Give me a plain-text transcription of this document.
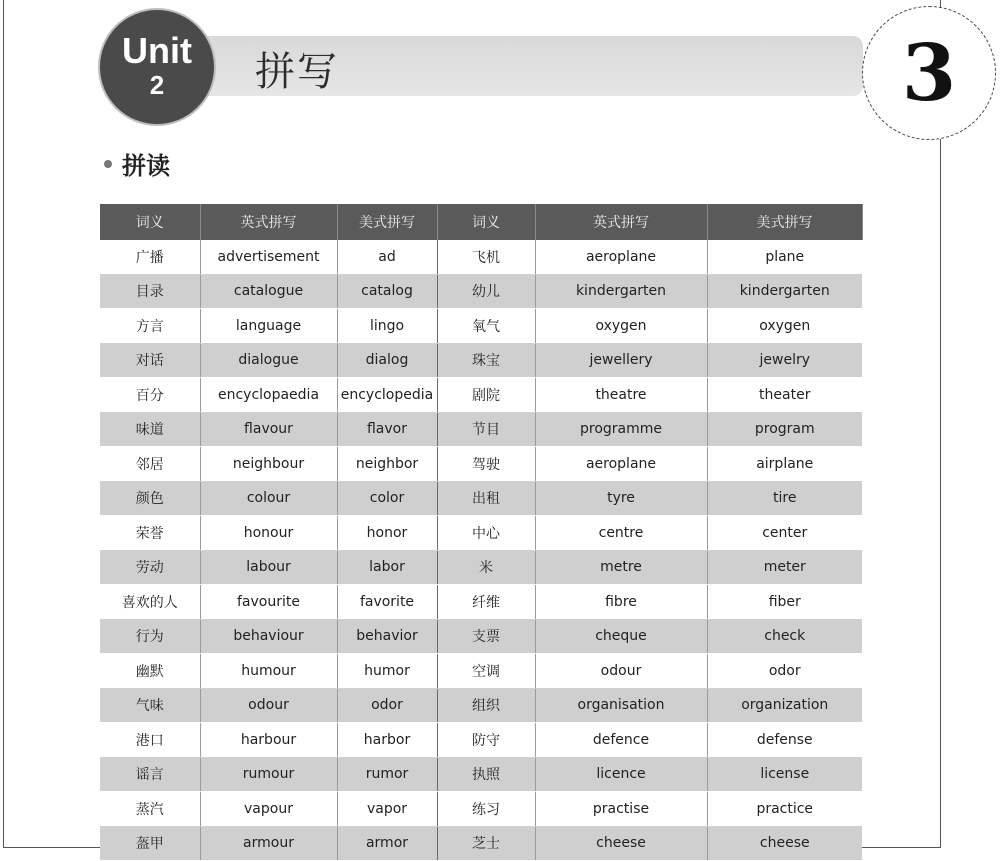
拼写
Unit
2	3
拼读
词义	英式拼写	美式拼写	词义	英式拼写	美式拼写
广播	advertisement	ad	飞机	aeroplane	plane
目录	catalogue	catalog	幼儿	kindergarten	kindergarten
方言	language	lingo	氧气	oxygen	oxygen
对话	dialogue	dialog	珠宝	jewellery	jewelry
百分	encyclopaedia	encyclopedia	剧院	theatre	theater
味道	flavour	flavor	节目	programme	program
邻居	neighbour	neighbor	驾驶	aeroplane	airplane
颜色	colour	color	出租	tyre	tire
荣誉	honour	honor	中心	centre	center
劳动	labour	labor	米	metre	meter
喜欢的人	favourite	favorite	纤维	fibre	fiber
行为	behaviour	behavior	支票	cheque	check
幽默	humour	humor	空调	odour	odor
气味	odour	odor	组织	organisation	organization
港口	harbour	harbor	防守	defence	defense
谣言	rumour	rumor	执照	licence	license
蒸汽	vapour	vapor	练习	practise	practice
盔甲	armour	armor	芝士	cheese	cheese
